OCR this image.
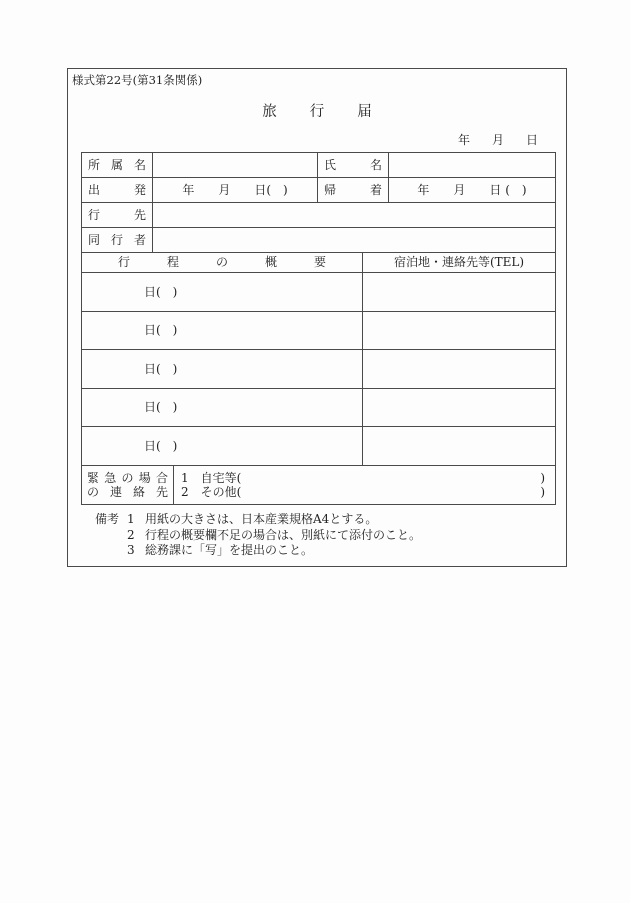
様式第22号(第31条関係)
旅行届
年月日
所属名	氏名
出発	年　　月　　日(　)	帰着	年　　月　　日 (　)
行先
同行者
行程の概要	宿泊地・連絡先等(TEL)
日(　)
日(　)
日(　)
日(　)
日(　)
緊急の場合
の連絡先
1　自宅等(	)
2　その他(	)
備考 1 用紙の大きさは、日本産業規格A4とする。
2 行程の概要欄不足の場合は、別紙にて添付のこと。
3 総務課に「写」を提出のこと。
